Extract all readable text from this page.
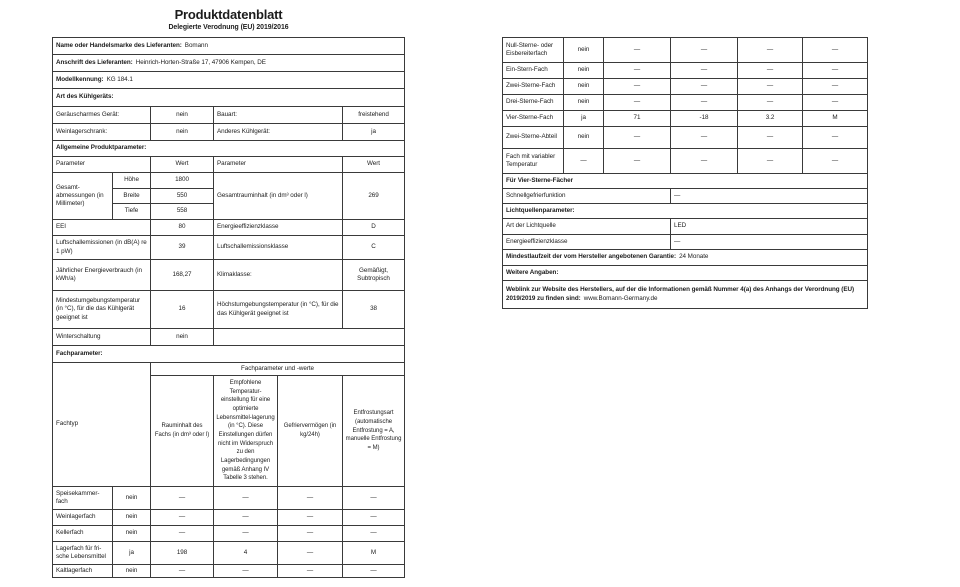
Produktdatenblatt
Delegierte Verodnung (EU) 2019/2016
Name oder Handelsmarke des Lieferanten: Bomann					
Anschrift des Lieferanten: Heinrich-Horten-Straße 17, 47906 Kempen, DE					
Modellkennung: KG 184.1					
Art des Kühlgeräts:					
Geräuscharmes Gerät:		nein	Bauart:		freistehend
Weinlagerschrank:		nein	Anderes Kühlgerät:		ja
Allgemeine Produktparameter:					
Parameter		Wert	Parameter		Wert
Gesamt-abmessungen (in Millimeter)	Höhe	1800	Gesamtrauminhalt (in dm³ oder l)		269
	Breite	550			
	Tiefe	558			
EEI		80	Energieeffizienzklasse		D
Luftschallemissionen (in dB(A) re 1 pW)		39	Luftschallemissionsklasse		C
Jährlicher Energieverbrauch (in kWh/a)		168,27	Klimaklasse:		Gemäßigt, Subtropisch
Mindestumgebungstemperatur (in °C), für die das Kühlgerät geeignet ist		16	Höchstumgebungstemperatur (in °C), für die das Kühlgerät geeignet ist		38
Winterschaltung		nein			
Fachparameter:					
Fachtyp		Fachparameter und -werte			
		Rauminhalt des Fachs (in dm³ oder l)	Empfohlene Temperatur-einstellung für eine optimierte Lebensmittel-lagerung (in °C). Diese Einstellungen dürfen nicht im Widerspruch zu den Lagerbedingungen gemäß Anhang IV Tabelle 3 stehen.	Gefriervermögen (in kg/24h)	Entfrostungsart (automatische Entfrostung = A, manuelle Entfrostung = M)
Speisekammer-fach	nein	—	—	—	—
Weinlagerfach	nein	—	—	—	—
Kellerfach	nein	—	—	—	—
Lagerfach für fri-sche Lebensmittel	ja	198	4	—	M
Kaltlagerfach	nein	—	—	—	—
Null-Sterne- oder Eisbereiterfach	nein	—	—	—	—
Ein-Stern-Fach	nein	—	—	—	—
Zwei-Sterne-Fach	nein	—	—	—	—
Drei-Sterne-Fach	nein	—	—	—	—
Vier-Sterne-Fach	ja	71	-18	3.2	M
Zwei-Sterne-Abteil	nein	—	—	—	—
Fach mit variabler Temperatur	—	—	—	—	—
Für Vier-Sterne-Fächer					
Schnellgefrierfunktion			—		
Lichtquellenparameter:					
Art der Lichtquelle			LED		
Energieeffizienzklasse			—		
Mindestlaufzeit der vom Hersteller angebotenen Garantie: 24 Monate					
Weitere Angaben:					
Weblink zur Website des Herstellers, auf der die Informationen gemäß Nummer 4(a) des Anhangs der Verordnung (EU) 2019/2019 zu finden sind: www.Bomann-Germany.de					
